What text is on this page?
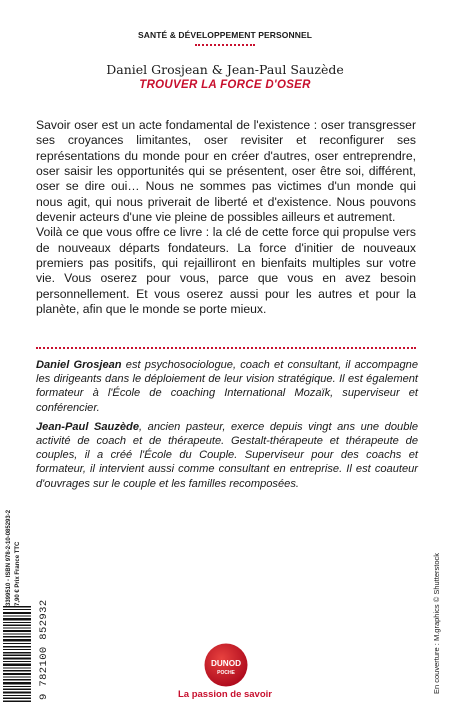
SANTÉ & DÉVELOPPEMENT PERSONNEL
Daniel Grosjean & Jean-Paul Sauzède
TROUVER LA FORCE D'OSER

Savoir oser est un acte fondamental de l'existence : oser transgresser ses croyances limitantes, oser revisiter et reconfigurer ses représentations du monde pour en créer d'autres, oser entreprendre, oser saisir les opportunités qui se présentent, oser être soi, différent, oser se dire oui… Nous ne sommes pas victimes d'un monde qui nous agit, qui nous priverait de liberté et d'existence. Nous pouvons devenir acteurs d'une vie pleine de possibles ailleurs et autrement.

Voilà ce que vous offre ce livre : la clé de cette force qui propulse vers de nouveaux départs fondateurs. La force d'initier de nouveaux premiers pas positifs, qui rejailliront en bienfaits multiples sur votre vie. Vous oserez pour vous, parce que vous en avez besoin personnellement. Et vous oserez aussi pour les autres et pour la planète, afin que le monde se porte mieux.

Daniel Grosjean est psychosociologue, coach et consultant, il accompagne les dirigeants dans le déploiement de leur vision stratégique. Il est également formateur à l'École de coaching International Mozaïk, superviseur et conférencier.

Jean-Paul Sauzède, ancien pasteur, exerce depuis vingt ans une double activité de coach et de thérapeute. Gestalt-thérapeute et thérapeute de couples, il a créé l'École du Couple. Superviseur pour des coachs et formateur, il intervient aussi comme consultant en entreprise. Il est coauteur d'ouvrages sur le couple et les familles recomposées.

3399510 - ISBN 978-2-10-085293-2 7,90 € Prix France TTC
9 782100 852932	En couverture : M.graphics © Shutterstock
DUNOD
POCHE
La passion de savoir
